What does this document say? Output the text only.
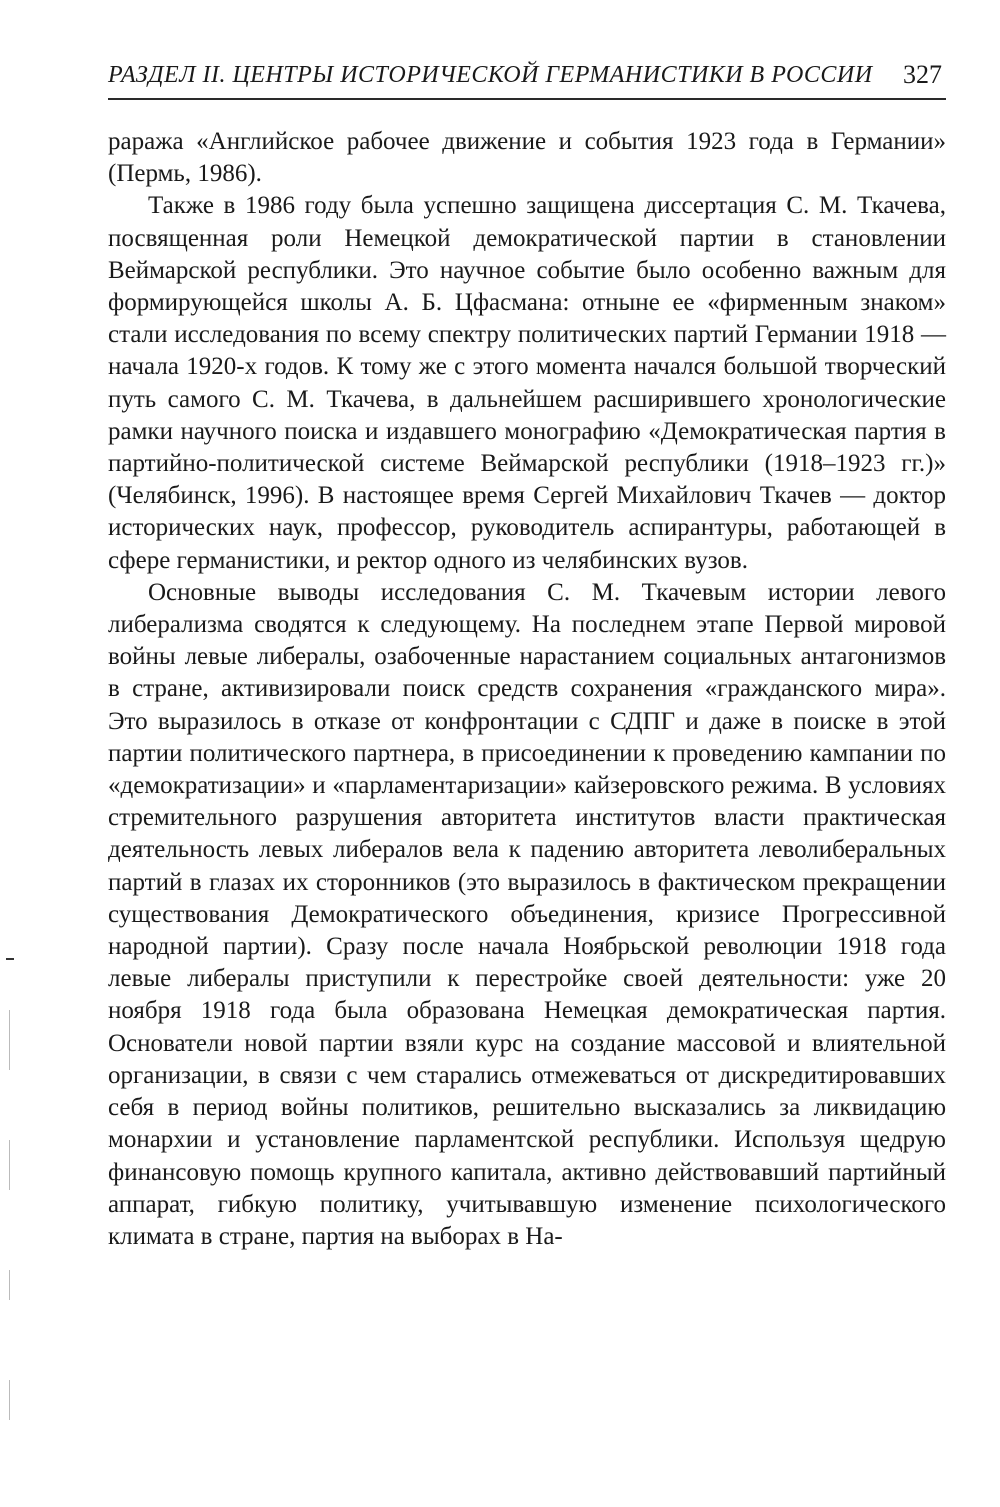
РАЗДЕЛ II. ЦЕНТРЫ ИСТОРИЧЕСКОЙ ГЕРМАНИСТИКИ В РОССИИ 327

раража «Английское рабочее движение и события 1923 года в Германии» (Пермь, 1986).

Также в 1986 году была успешно защищена диссертация С. М. Ткачева, посвященная роли Немецкой демократической партии в становлении Веймарской республики. Это научное событие было особенно важным для формирующейся школы А. Б. Цфасмана: отныне ее «фирменным знаком» стали исследования по всему спектру политических партий Германии 1918 — начала 1920-х годов. К тому же с этого момента начался большой творческий путь самого С. М. Ткачева, в дальнейшем расширившего хронологические рамки научного поиска и издавшего монографию «Демократическая партия в партийно-политической системе Веймарской республики (1918–1923 гг.)» (Челябинск, 1996). В настоящее время Сергей Михайлович Ткачев — доктор исторических наук, профессор, руководитель аспирантуры, работающей в сфере германистики, и ректор одного из челябинских вузов.

Основные выводы исследования С. М. Ткачевым истории левого либерализма сводятся к следующему. На последнем этапе Первой мировой войны левые либералы, озабоченные нарастанием социальных антагонизмов в стране, активизировали поиск средств сохранения «гражданского мира». Это выразилось в отказе от конфронтации с СДПГ и даже в поиске в этой партии политического партнера, в присоединении к проведению кампании по «демократизации» и «парламентаризации» кайзеровского режима. В условиях стремительного разрушения авторитета институтов власти практическая деятельность левых либералов вела к падению авторитета леволиберальных партий в глазах их сторонников (это выразилось в фактическом прекращении существования Демократического объединения, кризисе Прогрессивной народной партии). Сразу после начала Ноябрьской революции 1918 года левые либералы приступили к перестройке своей деятельности: уже 20 ноября 1918 года была образована Немецкая демократическая партия. Основатели новой партии взяли курс на создание массовой и влиятельной организации, в связи с чем старались отмежеваться от дискредитировавших себя в период войны политиков, решительно высказались за ликвидацию монархии и установление парламентской республики. Используя щедрую финансовую помощь крупного капитала, активно действовавший партийный аппарат, гибкую политику, учитывавшую изменение психологического климата в стране, партия на выборах в На-
